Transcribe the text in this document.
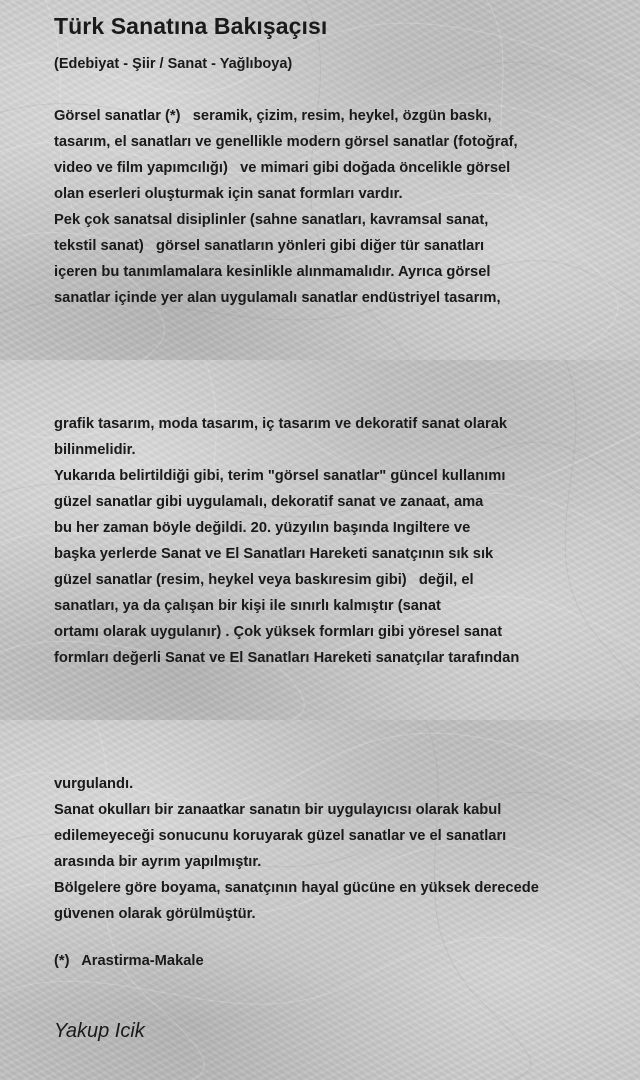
Türk Sanatına Bakışaçısı
(Edebiyat - Şiir / Sanat - Yağlıboya)
Görsel sanatlar (*)   seramik, çizim, resim, heykel, özgün baskı,
tasarım, el sanatları ve genellikle modern görsel sanatlar (fotoğraf,
video ve film yapımcılığı)   ve mimari gibi doğada öncelikle görsel
olan eserleri oluşturmak için sanat formları vardır.
Pek çok sanatsal disiplinler (sahne sanatları, kavramsal sanat,
tekstil sanat)   görsel sanatların yönleri gibi diğer tür sanatları
içeren bu tanımlamalara kesinlikle alınmamalıdır. Ayrıca görsel
sanatlar içinde yer alan uygulamalı sanatlar endüstriyel tasarım,
grafik tasarım, moda tasarım, iç tasarım ve dekoratif sanat olarak
bilinmelidir.
Yukarıda belirtildiği gibi, terim "görsel sanatlar" güncel kullanımı
güzel sanatlar gibi uygulamalı, dekoratif sanat ve zanaat, ama
bu her zaman böyle değildi. 20. yüzyılın başında Ingiltere ve
başka yerlerde Sanat ve El Sanatları Hareketi sanatçının sık sık
güzel sanatlar (resim, heykel veya baskıresim gibi)   değil, el
sanatları, ya da çalışan bir kişi ile sınırlı kalmıştır (sanat
ortamı olarak uygulanır) . Çok yüksek formları gibi yöresel sanat
formları değerli Sanat ve El Sanatları Hareketi sanatçılar tarafından
vurgulandı.
Sanat okulları bir zanaatkar sanatın bir uygulayıcısı olarak kabul
edilemeyeceği sonucunu koruyarak güzel sanatlar ve el sanatları
arasında bir ayrım yapılmıştır.
Bölgelere göre boyama, sanatçının hayal gücüne en yüksek derecede
güvenen olarak görülmüştür.
(*)   Arastirma-Makale
Yakup Icik
